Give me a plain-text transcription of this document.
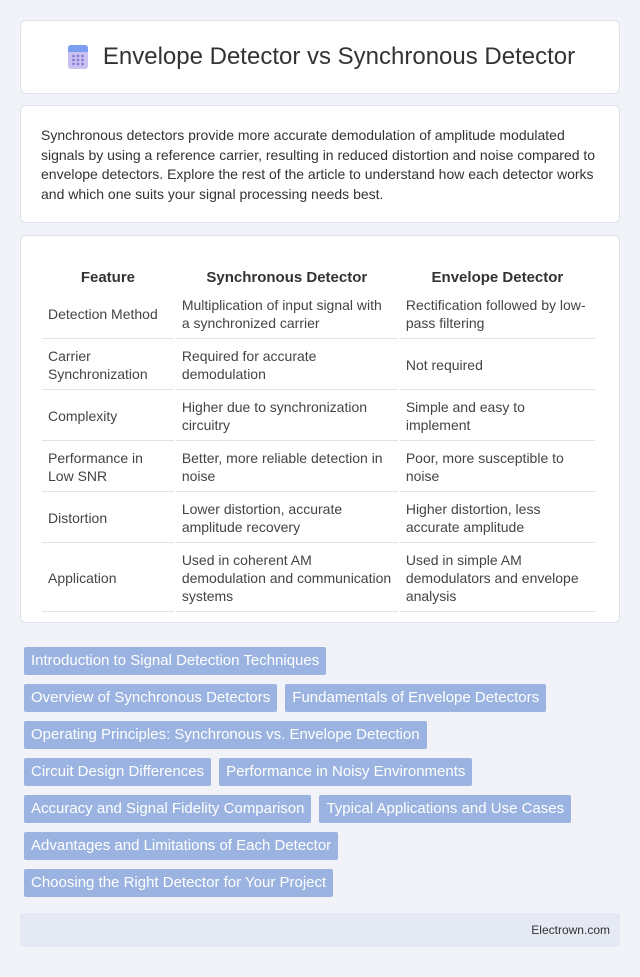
Envelope Detector vs Synchronous Detector

Synchronous detectors provide more accurate demodulation of amplitude modulated signals by using a reference carrier, resulting in reduced distortion and noise compared to envelope detectors. Explore the rest of the article to understand how each detector works and which one suits your signal processing needs best.

Feature	Synchronous Detector	Envelope Detector
Detection Method	Multiplication of input signal with a synchronized carrier	Rectification followed by low-pass filtering
Carrier Synchronization	Required for accurate demodulation	Not required
Complexity	Higher due to synchronization circuitry	Simple and easy to implement
Performance in Low SNR	Better, more reliable detection in noise	Poor, more susceptible to noise
Distortion	Lower distortion, accurate amplitude recovery	Higher distortion, less accurate amplitude
Application	Used in coherent AM demodulation and communication systems	Used in simple AM demodulators and envelope analysis
Introduction to Signal Detection Techniques
Overview of Synchronous Detectors	Fundamentals of Envelope Detectors
Operating Principles: Synchronous vs. Envelope Detection
Circuit Design Differences	Performance in Noisy Environments
Accuracy and Signal Fidelity Comparison	Typical Applications and Use Cases
Advantages and Limitations of Each Detector
Choosing the Right Detector for Your Project
Electrown.com
